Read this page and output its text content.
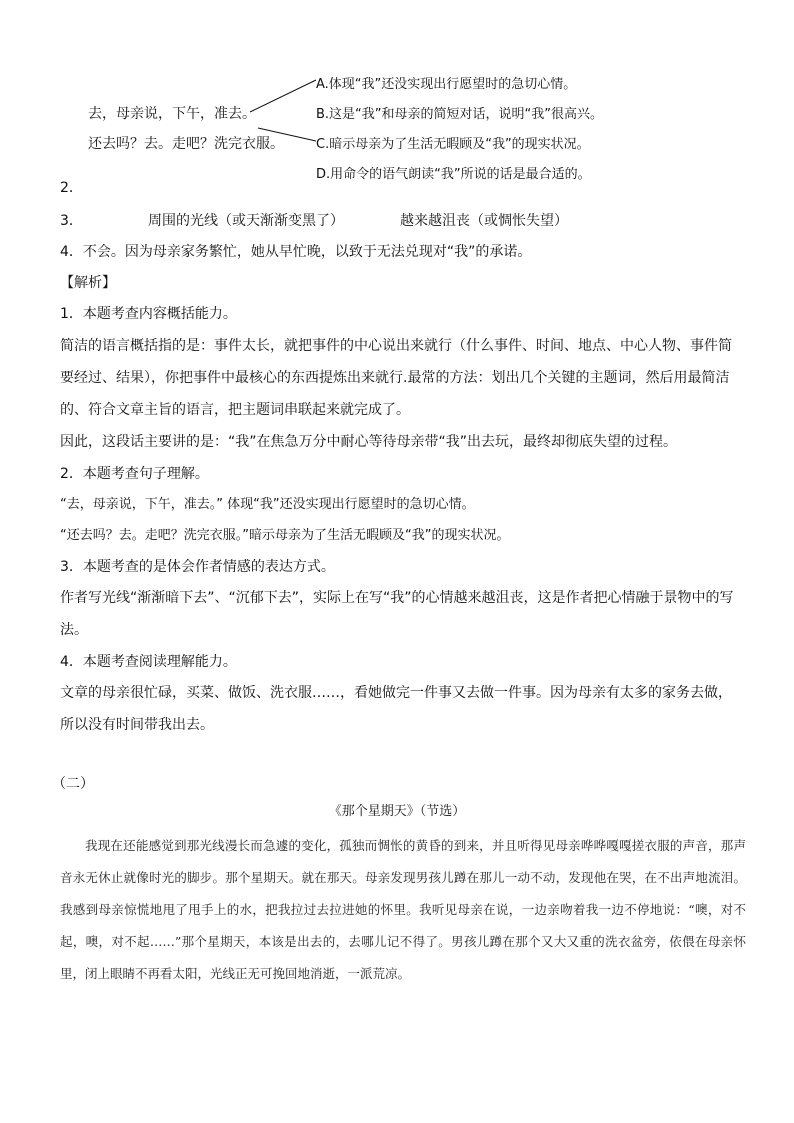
A.体现“我”还没实现出行愿望时的急切心情。
去，母亲说，下午，准去。	B.这是“我”和母亲的简短对话，说明“我”很高兴。
还去吗？去。走吧？洗完衣服。 C.暗示母亲为了生活无暇顾及“我”的现实状况。
D.用命令的语气朗读“我”所说的话是最合适的。
2．
3．	周围的光线（或天渐渐变黑了）	越来越沮丧（或惆怅失望）
4．不会。因为母亲家务繁忙，她从早忙晚，以致于无法兑现对“我”的承诺。
【解析】
1．本题考查内容概括能力。
简洁的语言概括指的是：事件太长，就把事件的中心说出来就行（什么事件、时间、地点、中心人物、事件简要经过、结果），你把事件中最核心的东西提炼出来就行.最常的方法：划出几个关键的主题词，然后用最简洁的、符合文章主旨的语言，把主题词串联起来就完成了。
因此，这段话主要讲的是：“我”在焦急万分中耐心等待母亲带“我”出去玩，最终却彻底失望的过程。
2．本题考查句子理解。
“去，母亲说，下午，准去。” 体现“我”还没实现出行愿望时的急切心情。
“还去吗？去。走吧？洗完衣服。”暗示母亲为了生活无暇顾及“我”的现实状况。
3．本题考查的是体会作者情感的表达方式。
作者写光线“渐渐暗下去”、“沉郁下去”，实际上在写“我”的心情越来越沮丧，这是作者把心情融于景物中的写法。
4．本题考查阅读理解能力。
文章的母亲很忙碌，买菜、做饭、洗衣服……，看她做完一件事又去做一件事。因为母亲有太多的家务去做，所以没有时间带我出去。
（二）
《那个星期天》（节选）

我现在还能感觉到那光线漫长而急遽的变化，孤独而惆怅的黄昏的到来，并且听得见母亲哗哗嘎嘎搓衣服的声音，那声音永无休止就像时光的脚步。那个星期天。就在那天。母亲发现男孩儿蹲在那儿一动不动，发现他在哭，在不出声地流泪。我感到母亲惊慌地甩了甩手上的水，把我拉过去拉进她的怀里。我听见母亲在说，一边亲吻着我一边不停地说：“噢，对不起，噢，对不起……”那个星期天，本该是出去的，去哪儿记不得了。男孩儿蹲在那个又大又重的洗衣盆旁，依偎在母亲怀里，闭上眼睛不再看太阳，光线正无可挽回地消逝，一派荒凉。
